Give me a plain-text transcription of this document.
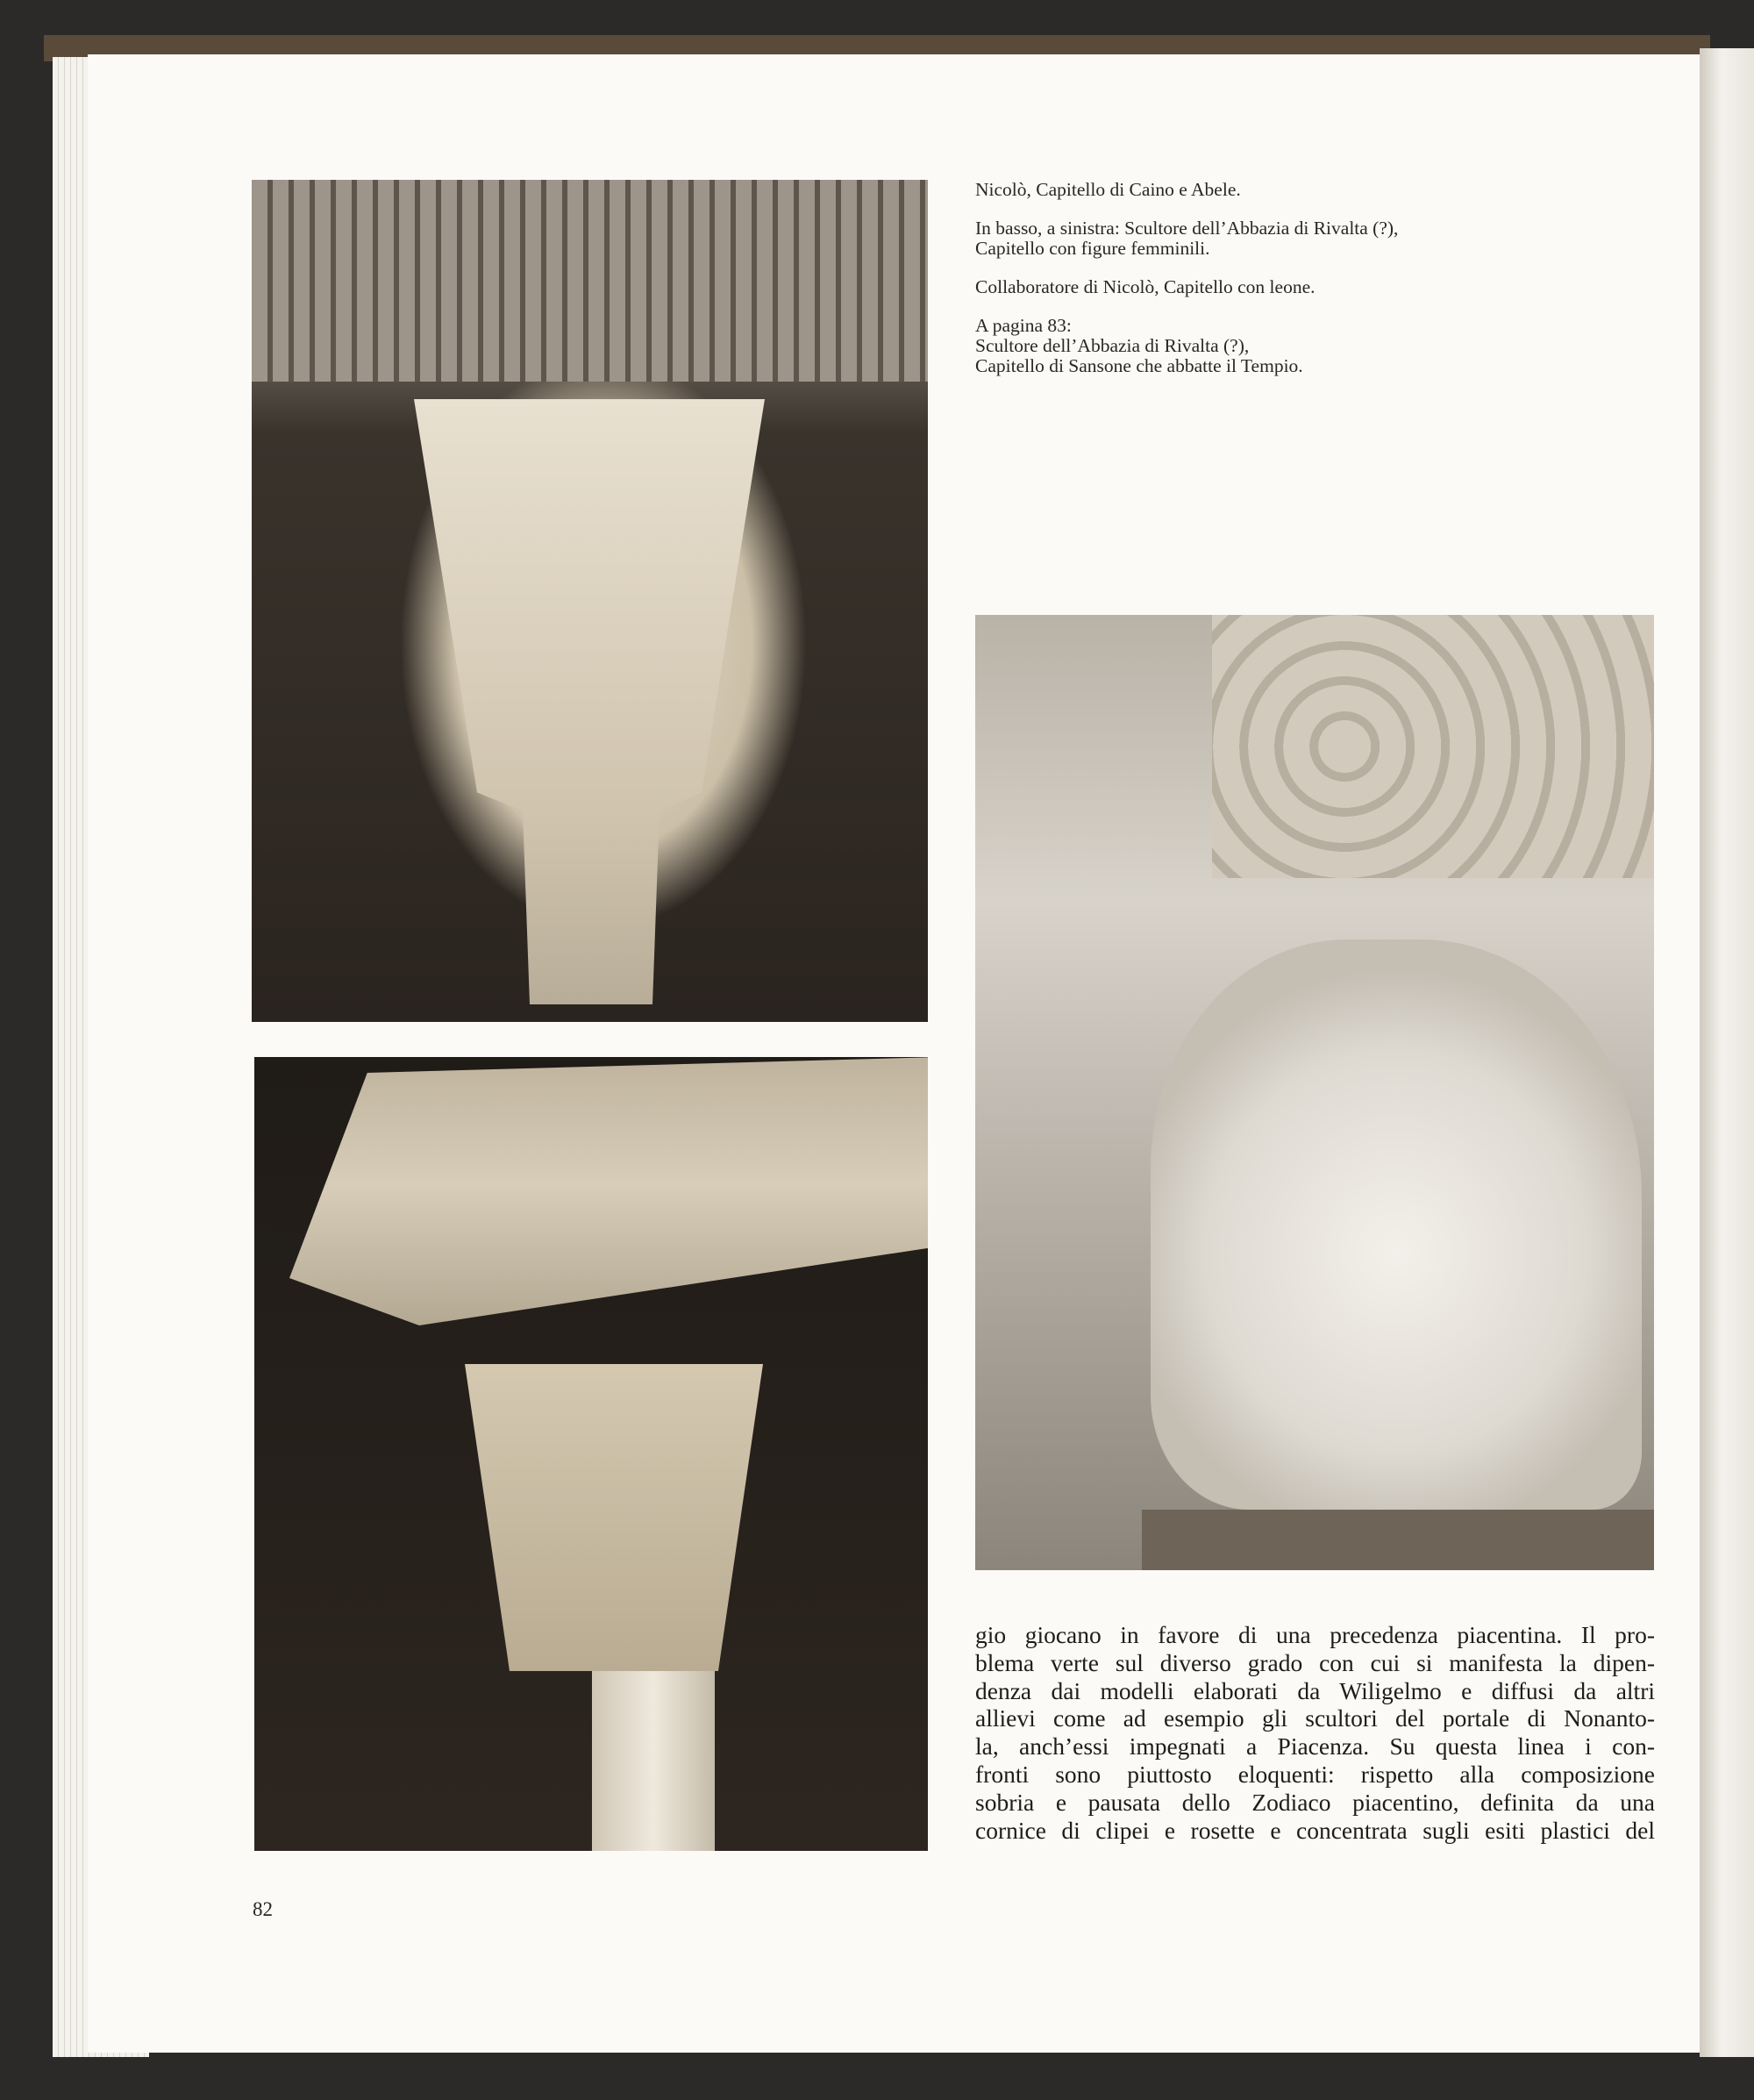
Nicolò, Capitello di Caino e Abele.

In basso, a sinistra: Scultore dell’Abbazia di Rivalta (?),
Capitello con figure femminili.

Collaboratore di Nicolò, Capitello con leone.

A pagina 83:
Scultore dell’Abbazia di Rivalta (?),
Capitello di Sansone che abbatte il Tempio.

gio giocano in favore di una precedenza piacentina. Il pro-
blema verte sul diverso grado con cui si manifesta la dipen-
denza dai modelli elaborati da Wiligelmo e diffusi da altri
allievi come ad esempio gli scultori del portale di Nonanto-
la, anch’essi impegnati a Piacenza. Su questa linea i con-
fronti sono piuttosto eloquenti: rispetto alla composizione
sobria e pausata dello Zodiaco piacentino, definita da una
cornice di clipei e rosette e concentrata sugli esiti plastici del
82
